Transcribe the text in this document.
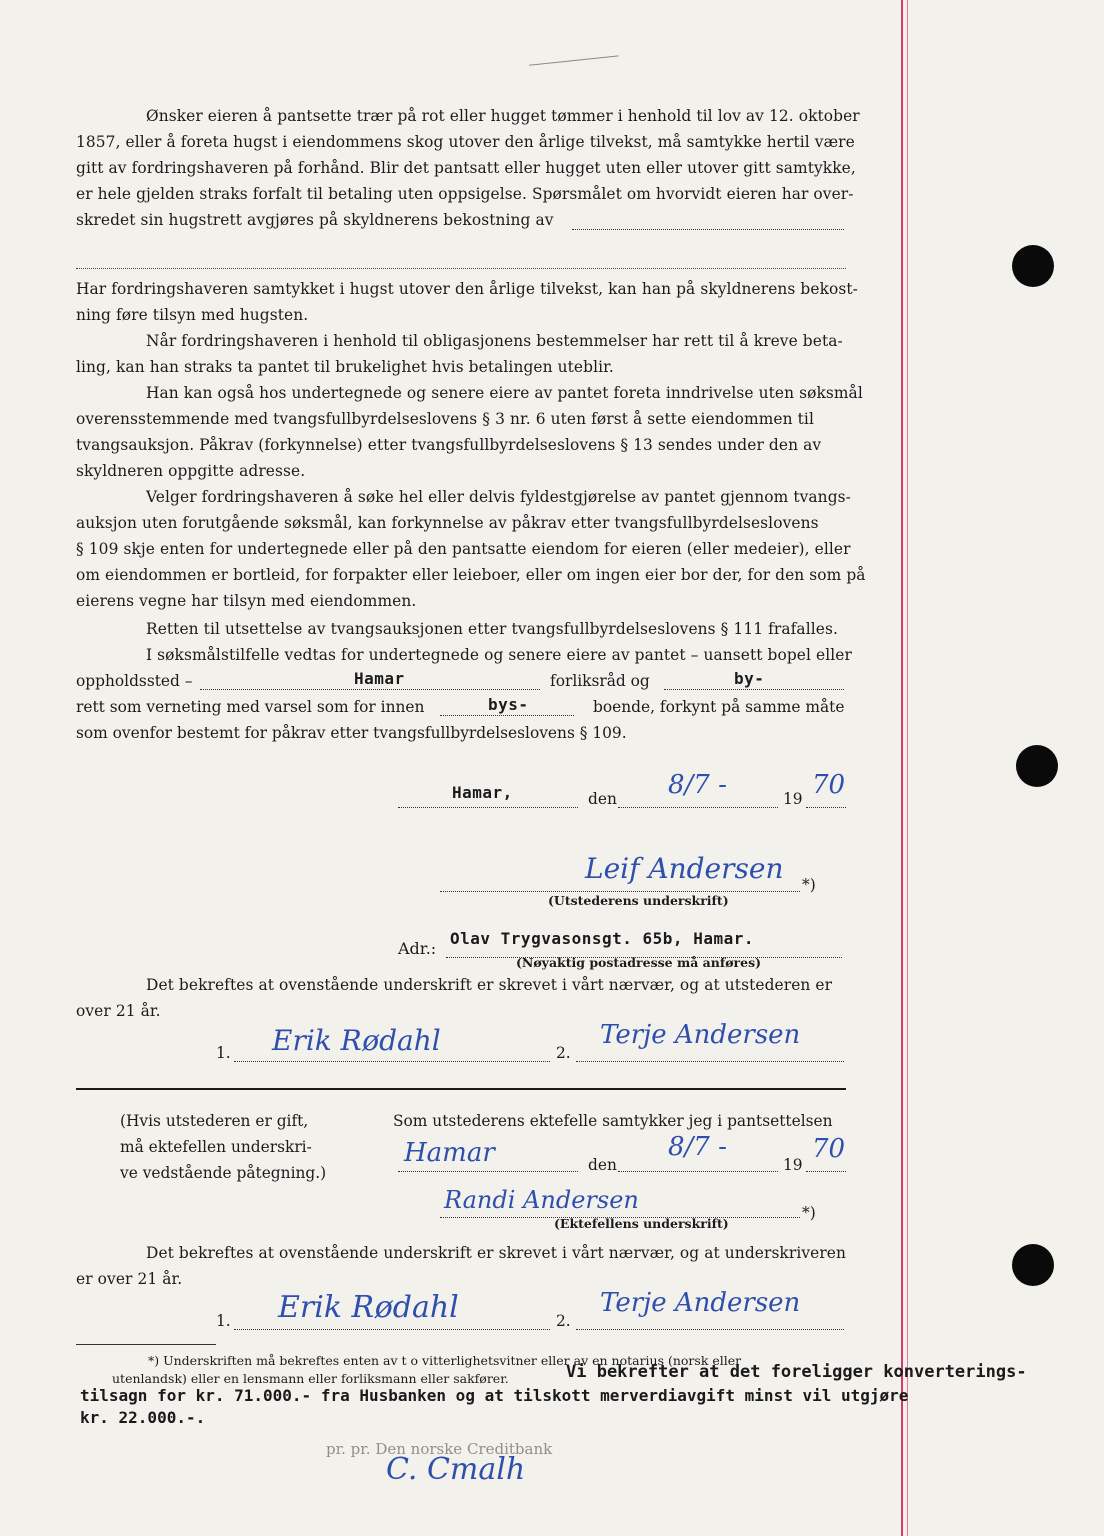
Ønsker eieren å pantsette trær på rot eller hugget tømmer i henhold til lov av 12. oktober
1857, eller å foreta hugst i eiendommens skog utover den årlige tilvekst, må samtykke hertil være
gitt av fordringshaveren på forhånd. Blir det pantsatt eller hugget uten eller utover gitt samtykke,
er hele gjelden straks forfalt til betaling uten oppsigelse. Spørsmålet om hvorvidt eieren har over-
skredet sin hugstrett avgjøres på skyldnerens bekostning av
Har fordringshaveren samtykket i hugst utover den årlige tilvekst, kan han på skyldnerens bekost-
ning føre tilsyn med hugsten.
Når fordringshaveren i henhold til obligasjonens bestemmelser har rett til å kreve beta-
ling, kan han straks ta pantet til brukelighet hvis betalingen uteblir.
Han kan også hos undertegnede og senere eiere av pantet foreta inndrivelse uten søksmål
overensstemmende med tvangsfullbyrdelseslovens § 3 nr. 6 uten først å sette eiendommen til
tvangsauksjon. Påkrav (forkynnelse) etter tvangsfullbyrdelseslovens § 13 sendes under den av
skyldneren oppgitte adresse.
Velger fordringshaveren å søke hel eller delvis fyldestgjørelse av pantet gjennom tvangs-
auksjon uten forutgående søksmål, kan forkynnelse av påkrav etter tvangsfullbyrdelseslovens
§ 109 skje enten for undertegnede eller på den pantsatte eiendom for eieren (eller medeier), eller
om eiendommen er bortleid, for forpakter eller leieboer, eller om ingen eier bor der, for den som på
eierens vegne har tilsyn med eiendommen.
Retten til utsettelse av tvangsauksjonen etter tvangsfullbyrdelseslovens § 111 frafalles.
I søksmålstilfelle vedtas for undertegnede og senere eiere av pantet – uansett bopel eller
oppholdssted –	Hamar	forliksråd og	by-
rett som verneting med varsel som for innen	bys-	boende, forkynt på samme måte
som ovenfor bestemt for påkrav etter tvangsfullbyrdelseslovens § 109.
Hamar,	den 8/7 -	19 70
Leif Andersen *)
(Utstederens underskrift)
Adr.:
Olav Trygvasonsgt. 65b, Hamar.
(Nøyaktig postadresse må anføres)
Det bekreftes at ovenstående underskrift er skrevet i vårt nærvær, og at utstederen er
over 21 år.
1. Erik Rødahl	2.
Terje Andersen
(Hvis utstederen er gift,
må ektefellen underskri-
ve vedstående påtegning.)
Som utstederens ektefelle samtykker jeg i pantsettelsen
Hamar	den
8/7 -
19
70
Randi Andersen	*)
(Ektefellens underskrift)
Det bekreftes at ovenstående underskrift er skrevet i vårt nærvær, og at underskriveren
er over 21 år.
1. Erik Rødahl	2.
Terje Andersen
*) Underskriften må bekreftes enten av t o vitterlighetsvitner eller av en notarius (norsk eller
utenlandsk) eller en lensmann eller forliksmann eller sakfører.	Vi bekrefter at det foreligger konverterings-
tilsagn for kr. 71.000.- fra Husbanken og at tilskott merverdiavgift minst vil utgjøre
kr. 22.000.-.
pr. pr. Den norske Creditbank
C. Cmalh
